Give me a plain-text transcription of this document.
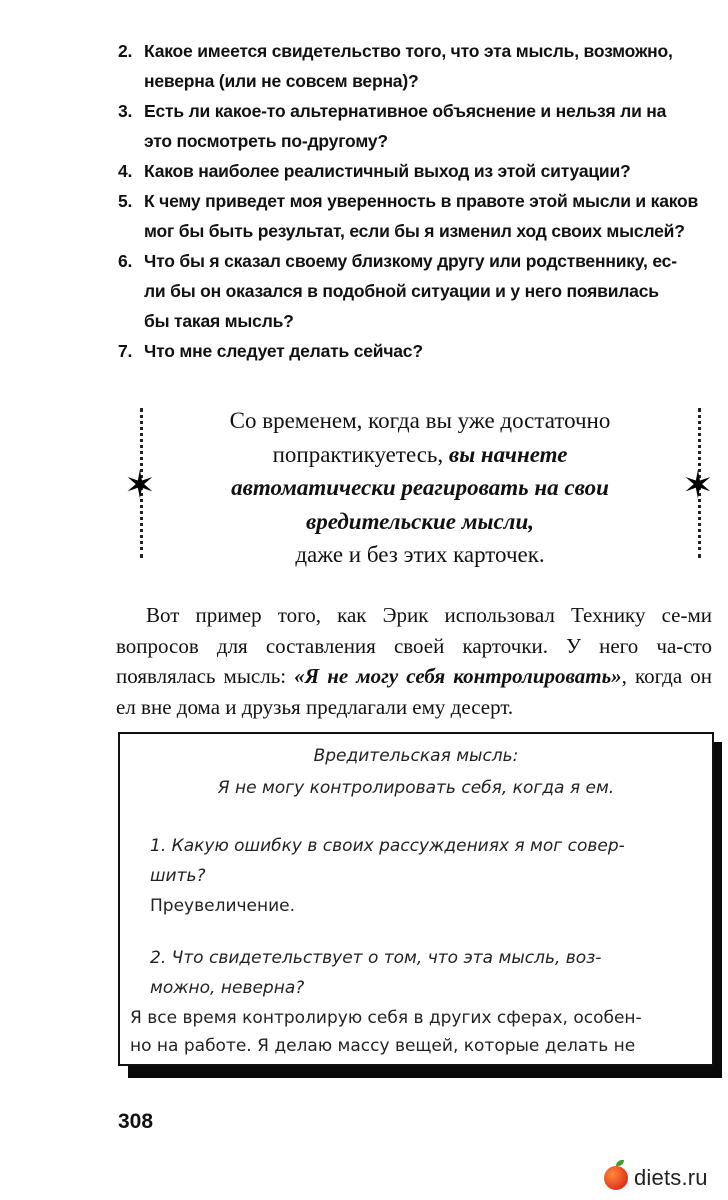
2. Какое имеется свидетельство того, что эта мысль, возможно,
неверна (или не совсем верна)?
3. Есть ли какое-то альтернативное объяснение и нельзя ли на
это посмотреть по-другому?
4. Каков наиболее реалистичный выход из этой ситуации?
5. К чему приведет моя уверенность в правоте этой мысли и каков
мог бы быть результат, если бы я изменил ход своих мыслей?
6. Что бы я сказал своему близкому другу или родственнику, ес-
ли бы он оказался в подобной ситуации и у него появилась
бы такая мысль?
7. Что мне следует делать сейчас?
✶	✶
Со временем, когда вы уже достаточно
попрактикуетесь, вы начнете
автоматически реагировать на свои
вредительские мысли,
даже и без этих карточек.
Вот пример того, как Эрик использовал Технику се-ми вопросов для составления своей карточки. У него ча-сто появлялась мысль: «Я не могу себя контролировать», когда он ел вне дома и друзья предлагали ему десерт.
Вредительская мысль:
Я не могу контролировать себя, когда я ем.
1. Какую ошибку в своих рассуждениях я мог совер-
шить?
Преувеличение.
2. Что свидетельствует о том, что эта мысль, воз-
можно, неверна?
Я все время контролирую себя в других сферах, особен-
но на работе. Я делаю массу вещей, которые делать не
308
diets.ru
